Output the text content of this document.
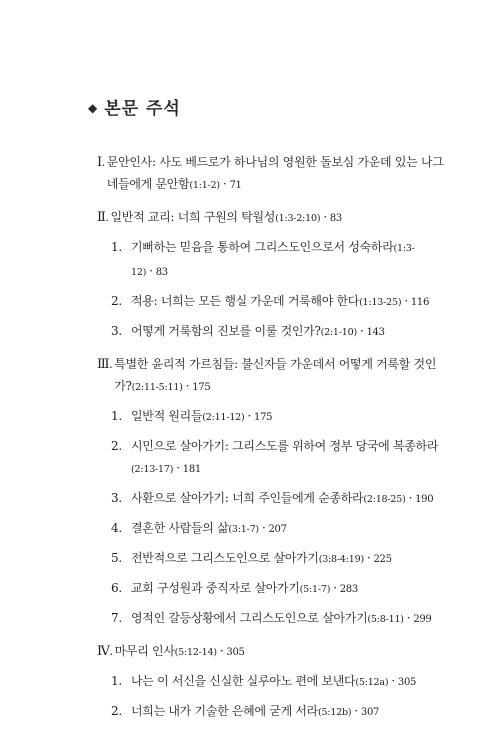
◆ 본문 주석
Ⅰ. 문안인사: 사도 베드로가 하나님의 영원한 돌보심 가운데 있는 나그네들에게 문안함(1:1-2) · 71
Ⅱ. 일반적 교리: 너희 구원의 탁월성(1:3-2:10) · 83
1. 기뻐하는 믿음을 통하여 그리스도인으로서 성숙하라(1:3-12) · 83
2. 적용: 너희는 모든 행실 가운데 거룩해야 한다(1:13-25) · 116
3. 어떻게 거룩함의 진보를 이룰 것인가?(2:1-10) · 143
Ⅲ. 특별한 윤리적 가르침들: 불신자들 가운데서 어떻게 거룩할 것인가?(2:11-5:11) · 175
1. 일반적 원리들(2:11-12) · 175
2. 시민으로 살아가기: 그리스도를 위하여 정부 당국에 복종하라(2:13-17) · 181
3. 사환으로 살아가기: 너희 주인들에게 순종하라(2:18-25) · 190
4. 결혼한 사람들의 삶(3:1-7) · 207
5. 전반적으로 그리스도인으로 살아가기(3:8-4:19) · 225
6. 교회 구성원과 중직자로 살아가기(5:1-7) · 283
7. 영적인 갈등상황에서 그리스도인으로 살아가기(5:8-11) · 299
Ⅳ. 마무리 인사(5:12-14) · 305
1. 나는 이 서신을 신실한 실루아노 편에 보낸다(5:12a) · 305
2. 너희는 내가 기술한 은혜에 굳게 서라(5:12b) · 307
